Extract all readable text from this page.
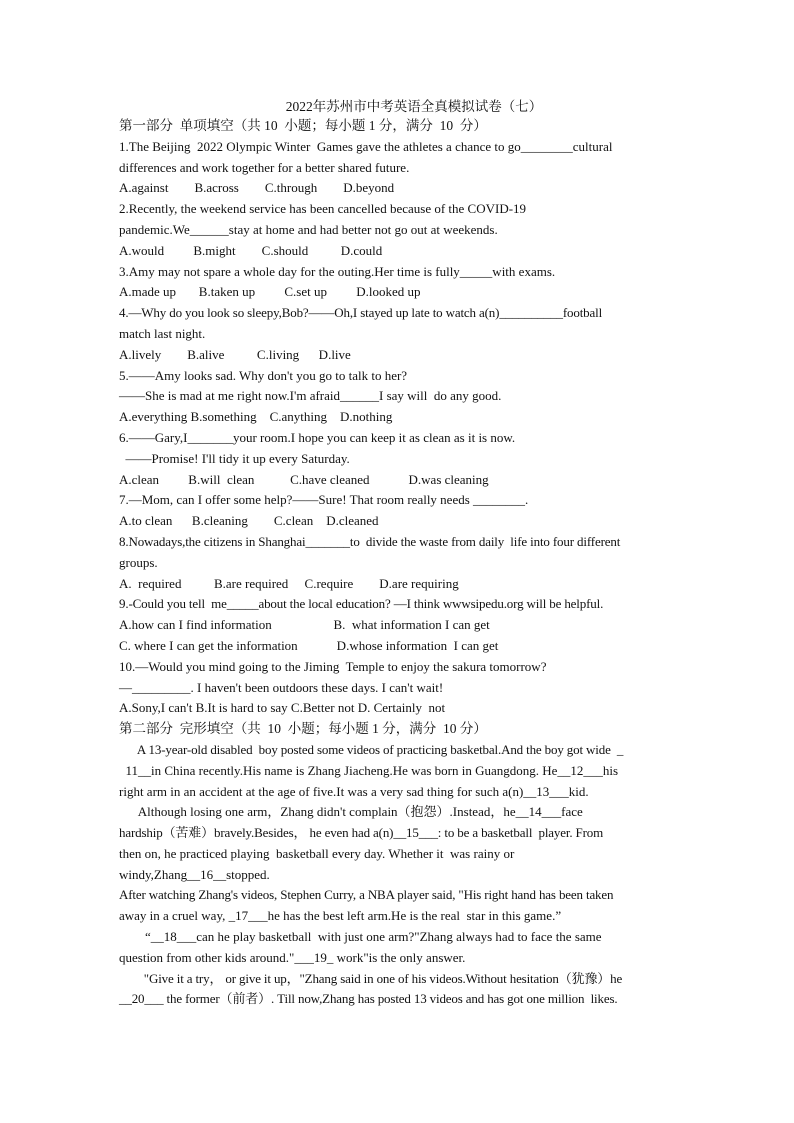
2022年苏州市中考英语全真模拟试卷（七）
第一部分  单项填空（共 10  小题；每小题 1 分，满分  10  分）
1.The Beijing  2022 Olympic Winter  Games gave the athletes a chance to go________cultural
differences and work together for a better shared future.
A.against        B.across        C.through        D.beyond
2.Recently, the weekend service has been cancelled because of the COVID-19
pandemic.We______stay at home and had better not go out at weekends.
A.would         B.might        C.should          D.could
3.Amy may not spare a whole day for the outing.Her time is fully_____with exams.
A.made up       B.taken up         C.set up         D.looked up
4.—Why do you look so sleepy,Bob?——Oh,I stayed up late to watch a(n)__________football
match last night.
A.lively        B.alive          C.living      D.live
5.——Amy looks sad. Why don't you go to talk to her?
——She is mad at me right now.I'm afraid______I say will  do any good.
A.everything B.something    C.anything    D.nothing
6.——Gary,I_______your room.I hope you can keep it as clean as it is now.
——Promise! I'll tidy it up every Saturday.
A.clean         B.will  clean           C.have cleaned            D.was cleaning
7.—Mom, can I offer some help?——Sure! That room really needs ________.
A.to clean      B.cleaning        C.clean    D.cleaned
8.Nowadays,the citizens in Shanghai_______to  divide the waste from daily  life into four different
groups.
A.  required          B.are required     C.require        D.are requiring
9.-Could you tell  me_____about the local education? —I think wwwsipedu.org will be helpful.
A.how can I find information                   B.  what information I can get
C. where I can get the information            D.whose information  I can get
10.—Would you mind going to the Jiming  Temple to enjoy the sakura tomorrow?
—_________. I haven't been outdoors these days. I can't wait!
A.Sony,I can't B.It is hard to say C.Better not D. Certainly  not
第二部分  完形填空（共  10  小题；每小题 1 分，满分  10 分）
A 13-year-old disabled  boy posted some videos of practicing basketbal.And the boy got wide  _
11__in China recently.His name is Zhang Jiacheng.He was born in Guangdong. He__12___his
right arm in an accident at the age of five.It was a very sad thing for such a(n)__13___kid.
Although losing one arm，Zhang didn't complain（抱怨）.Instead，he__14___face
hardship（苦难）bravely.Besides， he even had a(n)__15___: to be a basketball  player. From
then on, he practiced playing  basketball every day. Whether it  was rainy or
windy,Zhang__16__stopped.
After watching Zhang's videos, Stephen Curry, a NBA player said, "His right hand has been taken
away in a cruel way, _17___he has the best left arm.He is the real  star in this game.”
“__18___can he play basketball  with just one arm?"Zhang always had to face the same
question from other kids around."___19_ work"is the only answer.
"Give it a try， or give it up，"Zhang said in one of his videos.Without hesitation（犹豫）he
__20___ the former（前者）. Till now,Zhang has posted 13 videos and has got one million  likes.
